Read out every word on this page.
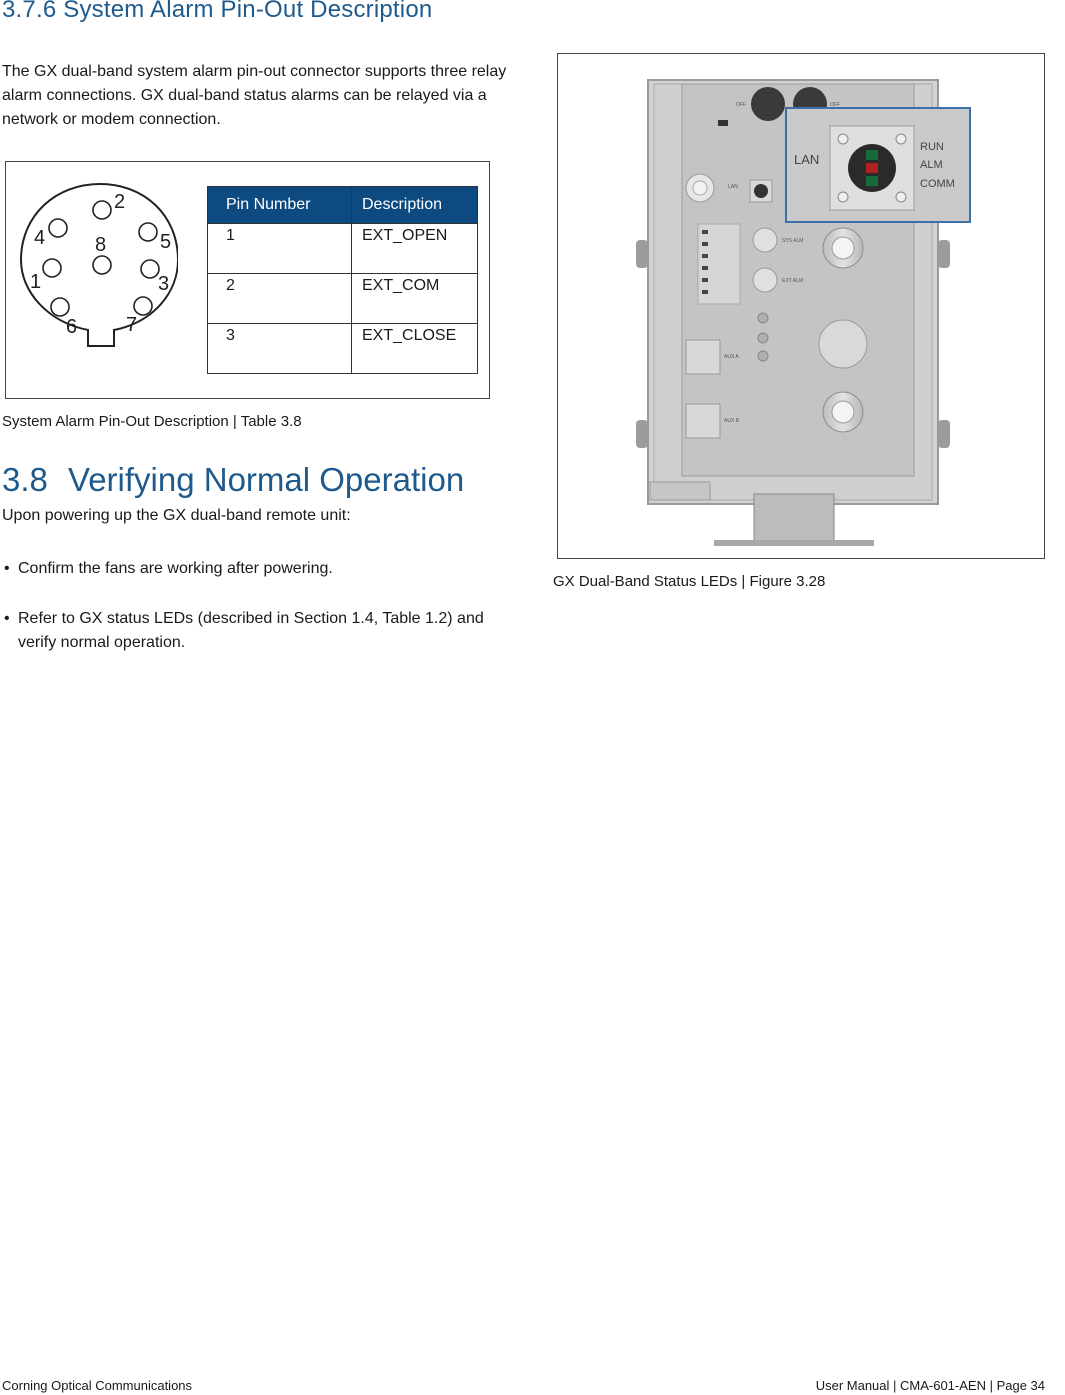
3.7.6 System Alarm Pin-Out Description

The GX dual-band system alarm pin-out connector supports three relay alarm connections. GX dual-band status alarms can be relayed via a network or modem connection.

2
4	5
8
1	3
6 7
Pin Number	Description
1	EXT_OPEN
2	EXT_COM
3	EXT_CLOSE

System Alarm Pin-Out Description | Table 3.8

3.8 Verifying Normal Operation

Upon powering up the GX dual-band remote unit:

• Confirm the fans are working after powering.
• Refer to GX status LEDs (described in Section 1.4, Table 1.2) and verify normal operation.
OFF	OFF
LAN
SYS ALM
EXT ALM
AUX A
AUX B
LAN
RUN
ALM
COMM

GX Dual-Band Status LEDs | Figure 3.28

Corning Optical Communications	User Manual | CMA-601-AEN | Page 34
